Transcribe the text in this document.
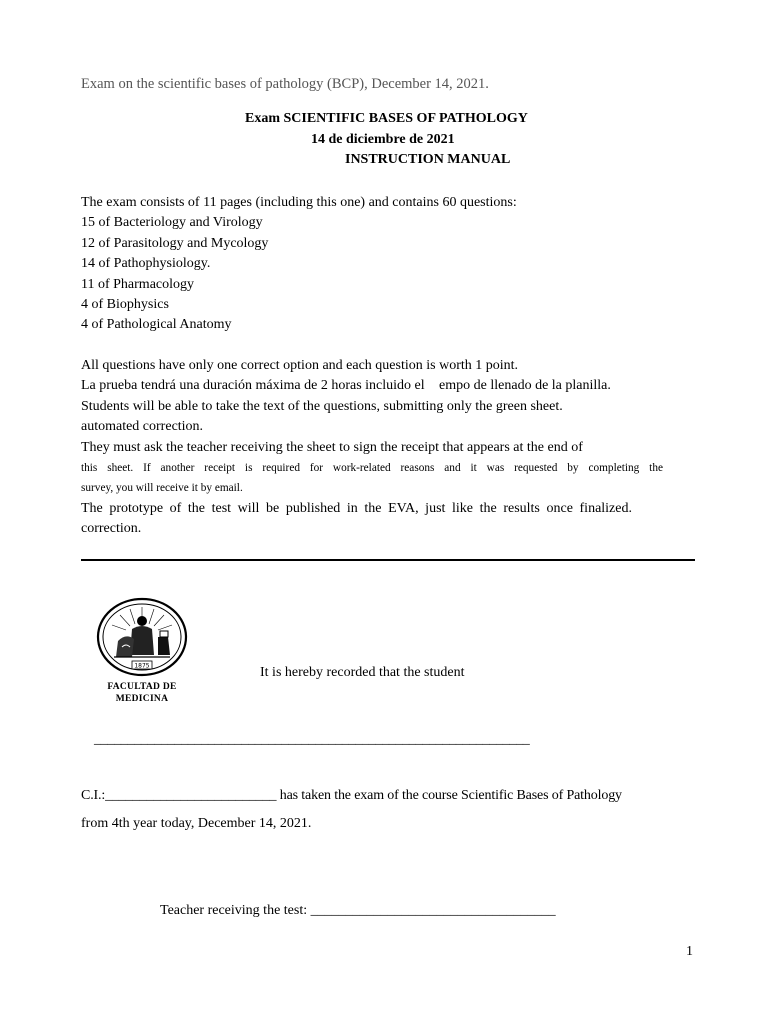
Exam on the scientific bases of pathology (BCP), December 14, 2021.
Exam SCIENTIFIC BASES OF PATHOLOGY
14 de diciembre de 2021
INSTRUCTION MANUAL
The exam consists of 11 pages (including this one) and contains 60 questions:
15 of Bacteriology and Virology
12 of Parasitology and Mycology
14 of Pathophysiology.
11 of Pharmacology
4 of Biophysics
4 of Pathological Anatomy
All questions have only one correct option and each question is worth 1 point.
La prueba tendrá una duración máxima de 2 horas incluido el  empo de llenado de la planilla.
Students will be able to take the text of the questions, submitting only the green sheet.
automated correction.
They must ask the teacher receiving the sheet to sign the receipt that appears at the end of
this sheet. If another receipt is required for work-related reasons and it was requested by completing the
survey, you will receive it by email.
The prototype of the test will be published in the EVA, just like the results once finalized.
correction.
1875
FACULTAD DE
MEDICINA
It is hereby recorded that the student
_________________________________________________________________
C.I.:_________________________ has taken the exam of the course Scientific Bases of Pathology
from 4th year today, December 14, 2021.
Teacher receiving the test: ___________________________________
1
